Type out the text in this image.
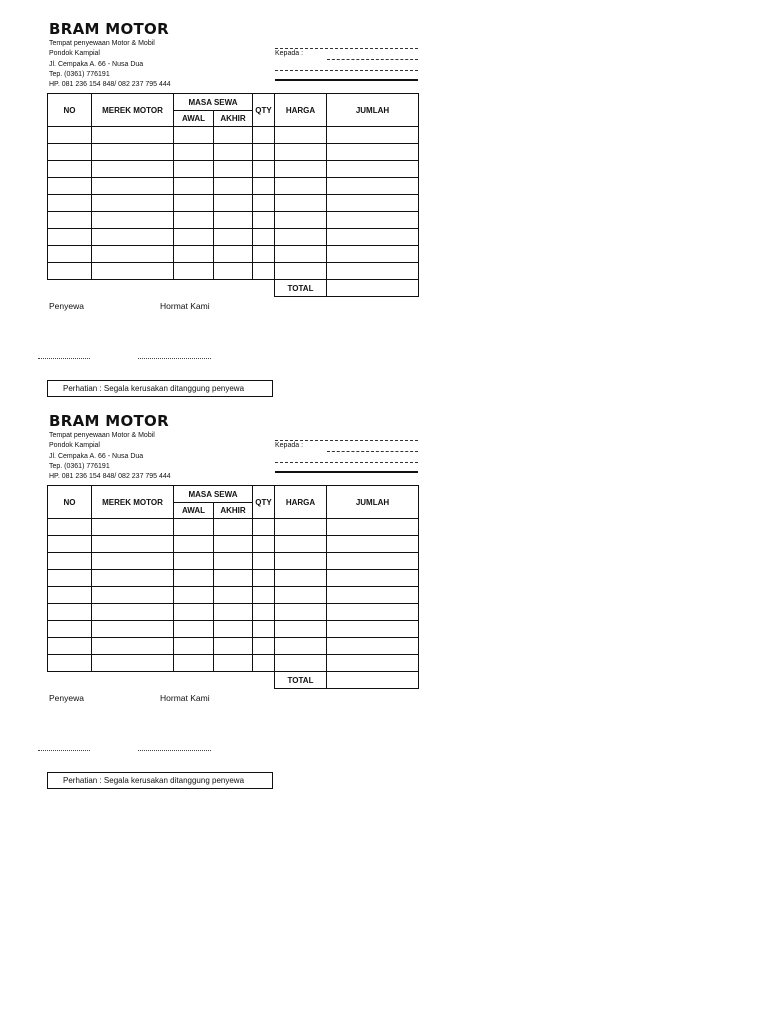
BRAM MOTOR
Tempat penyewaan Motor & Mobil
Pondok Kampial
Jl. Cempaka A. 66 - Nusa Dua
Tep. (0361) 776191
HP. 081 236 154 848/ 082 237 795 444
Kepada :
NO	MEREK MOTOR	MASA SEWA		QTY	HARGA	JUMLAH
		AWAL	AKHIR			

					TOTAL	
Penyewa	Hormat Kami
Perhatian : Segala kerusakan ditanggung penyewa
BRAM MOTOR
Tempat penyewaan Motor & Mobil
Pondok Kampial
Jl. Cempaka A. 66 - Nusa Dua
Tep. (0361) 776191
HP. 081 236 154 848/ 082 237 795 444
Kepada :
NO	MEREK MOTOR	MASA SEWA		QTY	HARGA	JUMLAH
		AWAL	AKHIR			

					TOTAL	
Penyewa	Hormat Kami
Perhatian : Segala kerusakan ditanggung penyewa
